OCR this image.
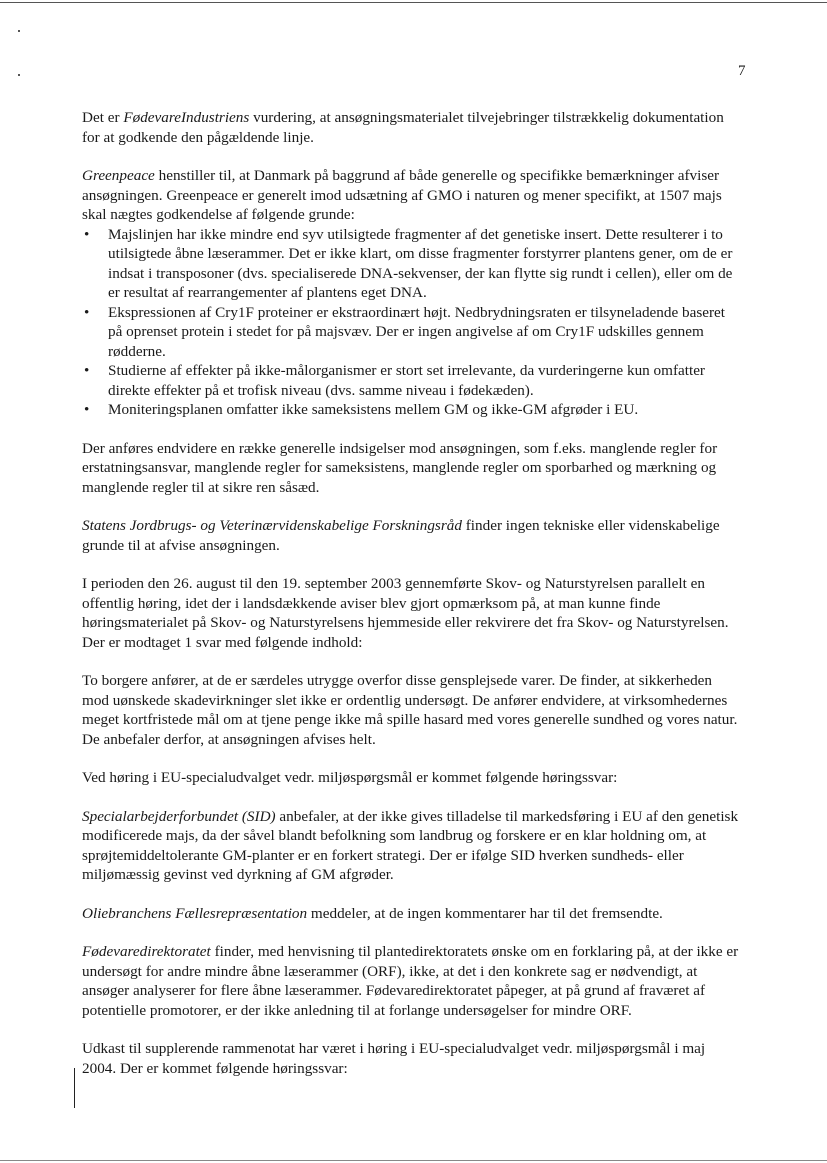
7

Det er FødevareIndustriens vurdering, at ansøgningsmaterialet tilvejebringer tilstrækkelig dokumentation for at godkende den pågældende linje.

Greenpeace henstiller til, at Danmark på baggrund af både generelle og specifikke bemærkninger afviser ansøgningen. Greenpeace er generelt imod udsætning af GMO i naturen og mener specifikt, at 1507 majs skal nægtes godkendelse af følgende grunde:

• Majslinjen har ikke mindre end syv utilsigtede fragmenter af det genetiske insert. Dette resulterer i to utilsigtede åbne læserammer. Det er ikke klart, om disse fragmenter forstyrrer plantens gener, om de er indsat i transposoner (dvs. specialiserede DNA-sekvenser, der kan flytte sig rundt i cellen), eller om de er resultat af rearrangementer af plantens eget DNA.
• Ekspressionen af Cry1F proteiner er ekstraordinært højt. Nedbrydningsraten er tilsyneladende baseret på oprenset protein i stedet for på majsvæv. Der er ingen angivelse af om Cry1F udskilles gennem rødderne.
• Studierne af effekter på ikke-målorganismer er stort set irrelevante, da vurderingerne kun omfatter direkte effekter på et trofisk niveau (dvs. samme niveau i fødekæden).
• Moniteringsplanen omfatter ikke sameksistens mellem GM og ikke-GM afgrøder i EU.

Der anføres endvidere en række generelle indsigelser mod ansøgningen, som f.eks. manglende regler for erstatningsansvar, manglende regler for sameksistens, manglende regler om sporbarhed og mærkning og manglende regler til at sikre ren såsæd.

Statens Jordbrugs- og Veterinærvidenskabelige Forskningsråd finder ingen tekniske eller videnskabelige grunde til at afvise ansøgningen.

I perioden den 26. august til den 19. september 2003 gennemførte Skov- og Naturstyrelsen parallelt en offentlig høring, idet der i landsdækkende aviser blev gjort opmærksom på, at man kunne finde høringsmaterialet på Skov- og Naturstyrelsens hjemmeside eller rekvirere det fra Skov- og Naturstyrelsen. Der er modtaget 1 svar med følgende indhold:

To borgere anfører, at de er særdeles utrygge overfor disse gensplejsede varer. De finder, at sikkerheden mod uønskede skadevirkninger slet ikke er ordentlig undersøgt. De anfører endvidere, at virksomhedernes meget kortfristede mål om at tjene penge ikke må spille hasard med vores generelle sundhed og vores natur. De anbefaler derfor, at ansøgningen afvises helt.

Ved høring i EU-specialudvalget vedr. miljøspørgsmål er kommet følgende høringssvar:

Specialarbejderforbundet (SID) anbefaler, at der ikke gives tilladelse til markedsføring i EU af den genetisk modificerede majs, da der såvel blandt befolkning som landbrug og forskere er en klar holdning om, at sprøjtemiddeltolerante GM-planter er en forkert strategi. Der er ifølge SID hverken sundheds- eller miljømæssig gevinst ved dyrkning af GM afgrøder.

Oliebranchens Fællesrepræsentation meddeler, at de ingen kommentarer har til det fremsendte.

Fødevaredirektoratet finder, med henvisning til plantedirektoratets ønske om en forklaring på, at der ikke er undersøgt for andre mindre åbne læserammer (ORF), ikke, at det i den konkrete sag er nødvendigt, at ansøger analyserer for flere åbne læserammer. Fødevaredirektoratet påpeger, at på grund af fraværet af potentielle promotorer, er der ikke anledning til at forlange undersøgelser for mindre ORF.

Udkast til supplerende rammenotat har været i høring i EU-specialudvalget vedr. miljøspørgsmål i maj 2004. Der er kommet følgende høringssvar:
